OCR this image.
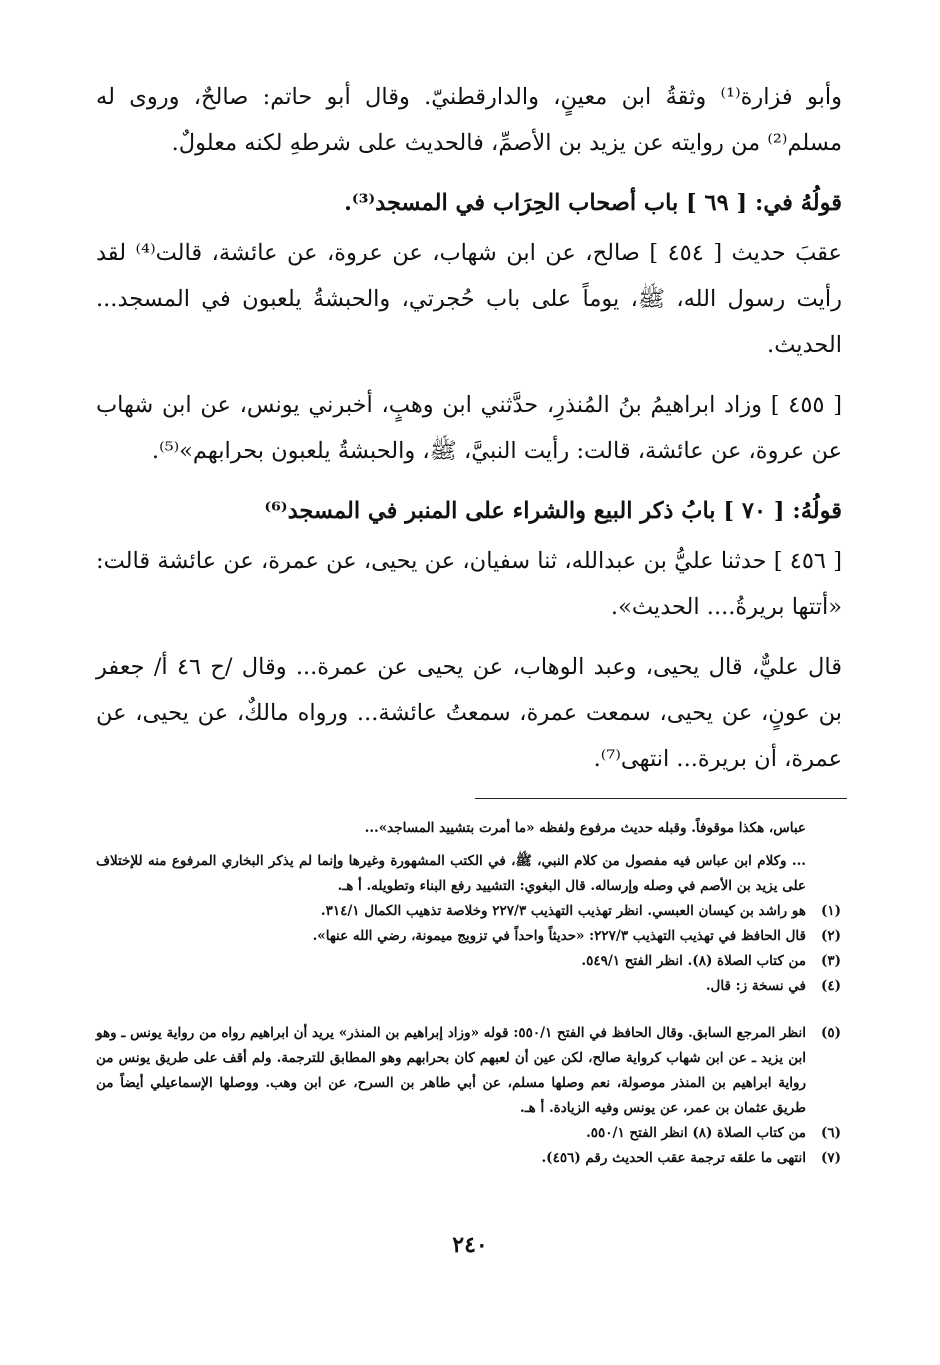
وأبو فزارة⁽¹⁾ وثقةُ ابن معينٍ، والدارقطنيّ. وقال أبو حاتم: صالحٌ، وروى له مسلم⁽²⁾ من روايته عن يزيد بن الأصمِّ، فالحديث على شرطهِ لكنه معلولٌ.

قولُهُ في: [ ٦٩ ] باب أصحاب الحِرَاب في المسجد⁽³⁾.

عقبَ حديث [ ٤٥٤ ] صالح، عن ابن شهاب، عن عروة، عن عائشة، قالت⁽⁴⁾ لقد رأيت رسول الله، ﷺ، يوماً على باب حُجرتي، والحبشةُ يلعبون في المسجد... الحديث.

[ ٤٥٥ ] وزاد ابراهيمُ بنُ المُنذرِ، حدَّثني ابن وهبٍ، أخبرني يونس، عن ابن شهاب عن عروة، عن عائشة، قالت: رأيت النبيَّ، ﷺ، والحبشةُ يلعبون بحرابهم»⁽⁵⁾.

قولُهُ: [ ٧٠ ] بابُ ذكر البيع والشراء على المنبر في المسجد⁽⁶⁾

[ ٤٥٦ ] حدثنا عليُّ بن عبدالله، ثنا سفيان، عن يحيى، عن عمرة، عن عائشة قالت: «أتتها بريرةُ.... الحديث».

قال عليٌّ، قال يحيى، وعبد الوهاب، عن يحيى عن عمرة... وقال /ح ٤٦ أ/ جعفر بن عونٍ، عن يحيى، سمعت عمرة، سمعتُ عائشة... ورواه مالكٌ، عن يحيى، عن عمرة، أن بريرة... انتهى⁽⁷⁾.

عباس، هكذا موقوفاً. وقبله حديث مرفوع ولفظه «ما أمرت بتشييد المساجد»...

... وكلام ابن عباس فيه مفصول من كلام النبي، ﷺ، في الكتب المشهورة وغيرها وإنما لم يذكر البخاري المرفوع منه للإختلاف على يزيد بن الأصم في وصله وإرساله. قال البغوي: التشييد رفع البناء وتطويله. أ هـ.

(١)
هو راشد بن كيسان العبسي. انظر تهذيب التهذيب ٢٢٧/٣ وخلاصة تذهيب الكمال ٣١٤/١.
(٢)
قال الحافظ في تهذيب التهذيب ٢٢٧/٣: «حديثاً واحداً في تزويج ميمونة، رضي الله عنها».
(٣)
من كتاب الصلاة (٨). انظر الفتح ٥٤٩/١.
(٤)
في نسخة ز: قال.
(٥)
انظر المرجع السابق. وقال الحافظ في الفتح ٥٥٠/١: قوله «وزاد إبراهيم بن المنذر» يريد أن ابراهيم رواه من رواية يونس ـ وهو ابن يزيد ـ عن ابن شهاب كرواية صالح، لكن عين أن لعبهم كان بحرابهم وهو المطابق للترجمة. ولم أقف على طريق يونس من رواية ابراهيم بن المنذر موصولة، نعم وصلها مسلم، عن أبي طاهر بن السرح، عن ابن وهب. ووصلها الإسماعيلي أيضاً من طريق عثمان بن عمر، عن يونس وفيه الزيادة. أ هـ.
(٦)
من كتاب الصلاة (٨) انظر الفتح ٥٥٠/١.
(٧)
انتهى ما علقه ترجمة عقب الحديث رقم (٤٥٦).
٢٤٠
